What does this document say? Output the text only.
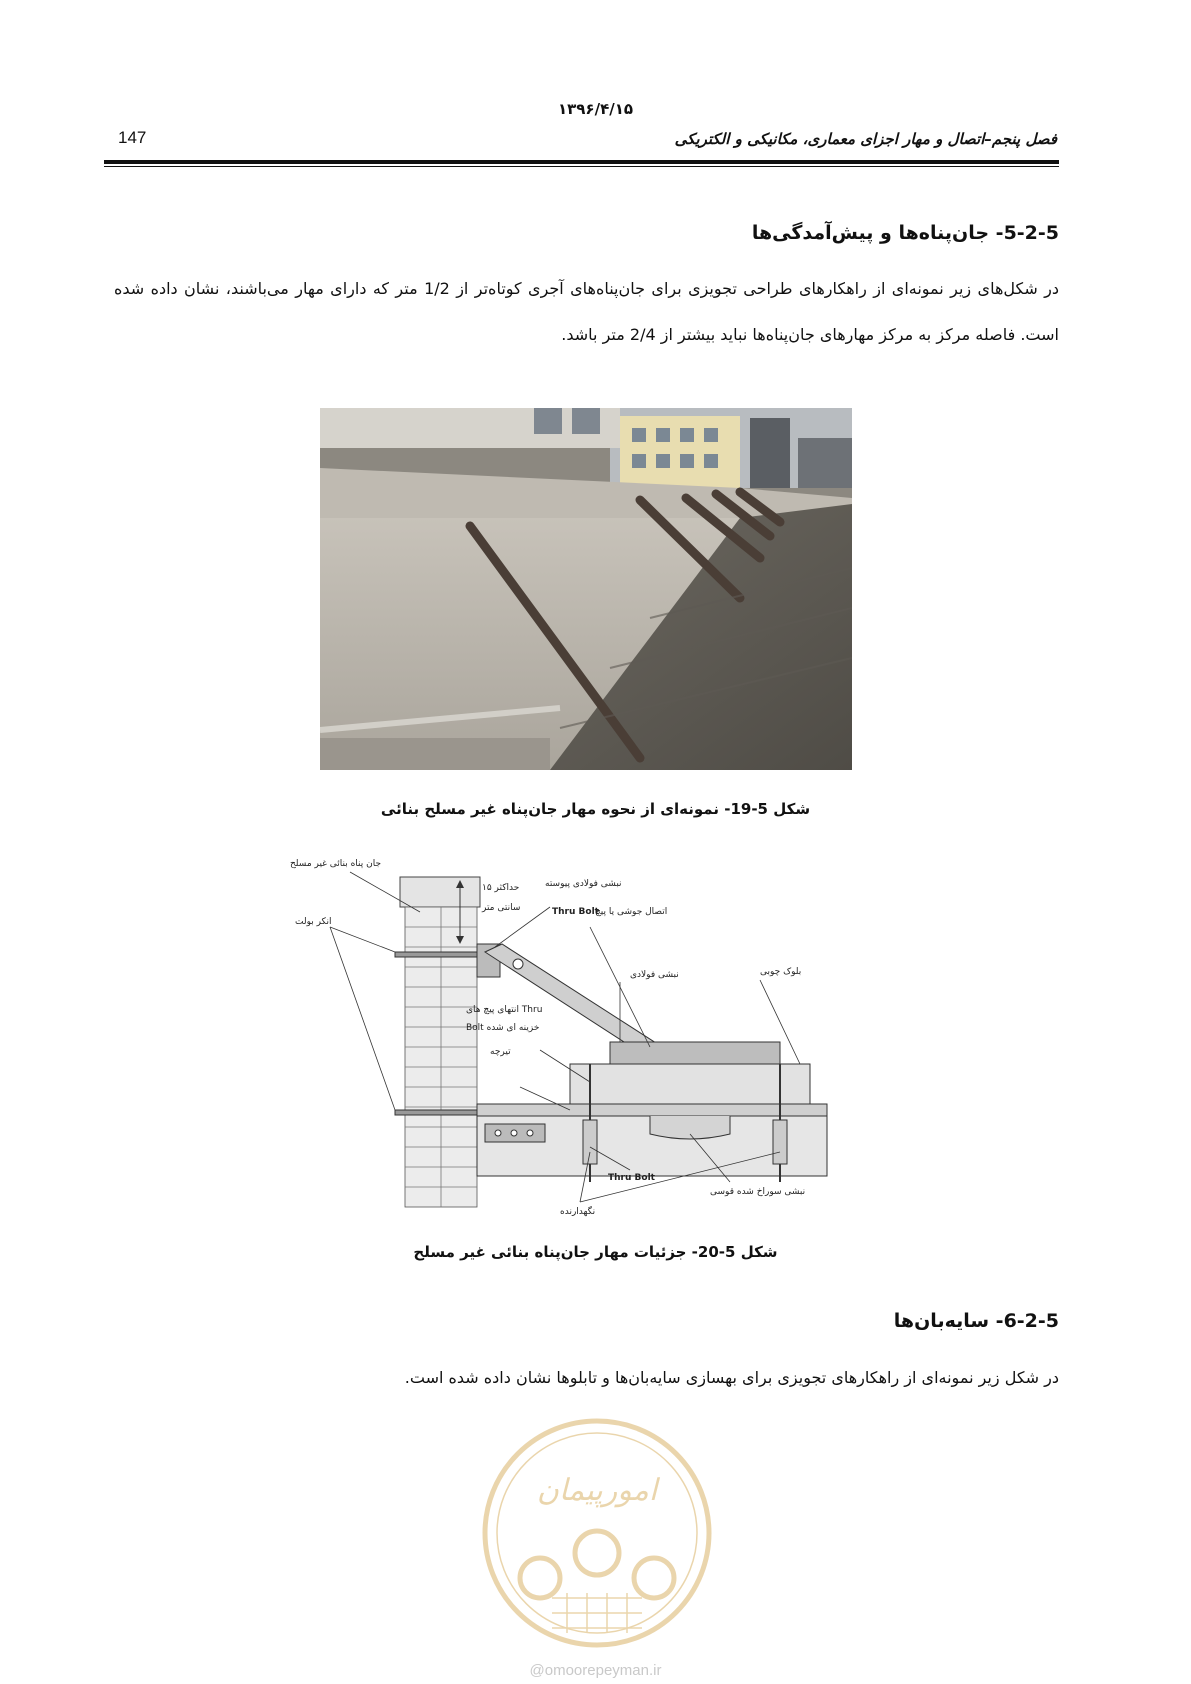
۱۳۹۶/۴/۱۵
147	فصل پنجم–اتصال و مهار اجزای معماری، مکانیکی و الکتریکی
5-2-5- جان‌پناه‌ها و پیش‌آمدگی‌ها
در شکل‌های زیر نمونه‌ای از راهکارهای طراحی تجویزی برای جان‌پناه‌های آجری کوتاه‌تر از 1/2 متر که دارای مهار می‌باشند، نشان داده شده است. فاصله مرکز به مرکز مهارهای جان‌پناه‌ها نباید بیشتر از 2/4 متر باشد.
شکل 5-19- نمونه‌ای از نحوه مهار جان‌پناه غیر مسلح بنائی
جان پناه بنائی غیر مسلح
انکر بولت
حداکثر ۱۵
سانتی متر
نبشی فولادی پیوسته
اتصال جوشی یا پیچ
Thru Bolt
نبشی فولادی	بلوک چوبی
انتهای پیچ های Thru
Bolt خزینه ای شده
تیرچه
Thru Bolt
نبشی سوراخ شده قوسی
نگهدارنده
شکل 5-20- جزئیات مهار جان‌پناه بنائی غیر مسلح
6-2-5- سایه‌بان‌ها
در شکل زیر نمونه‌ای از راهکارهای تجویزی برای بهسازی سایه‌بان‌ها و تابلوها نشان داده شده است.
امورپیمان
@omoorepeyman.ir
